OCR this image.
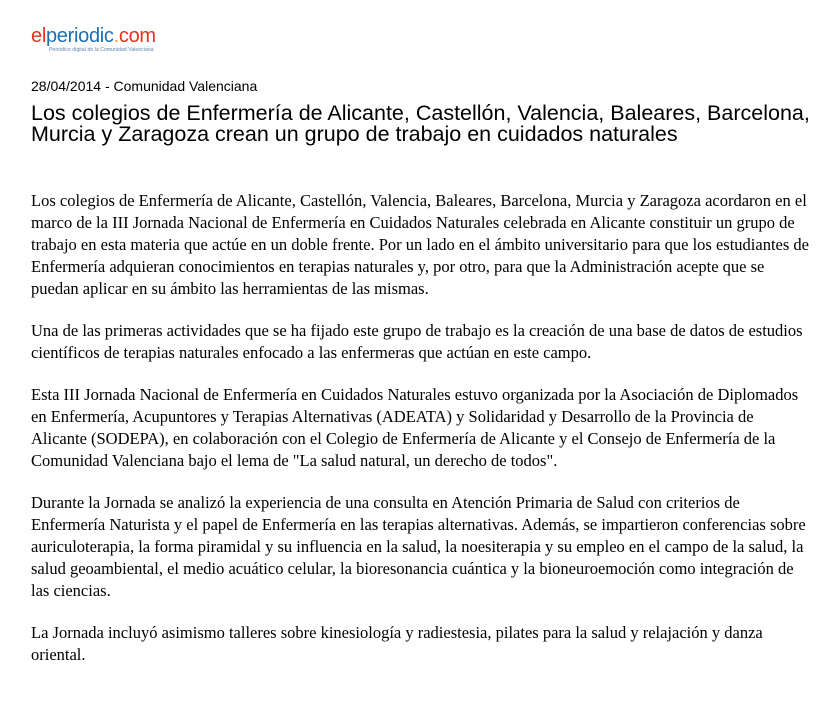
elperiodic.com
Periódico digital de la Comunidad Valenciana

28/04/2014 - Comunidad Valenciana

Los colegios de Enfermería de Alicante, Castellón, Valencia, Baleares, Barcelona, Murcia y Zaragoza crean un grupo de trabajo en cuidados naturales

Los colegios de Enfermería de Alicante, Castellón, Valencia, Baleares, Barcelona, Murcia y Zaragoza acordaron en el marco de la III Jornada Nacional de Enfermería en Cuidados Naturales celebrada en Alicante constituir un grupo de trabajo en esta materia que actúe en un doble frente. Por un lado en el ámbito universitario para que los estudiantes de Enfermería adquieran conocimientos en terapias naturales y, por otro, para que la Administración acepte que se puedan aplicar en su ámbito las herramientas de las mismas.

Una de las primeras actividades que se ha fijado este grupo de trabajo es la creación de una base de datos de estudios científicos de terapias naturales enfocado a las enfermeras que actúan en este campo.

Esta III Jornada Nacional de Enfermería en Cuidados Naturales estuvo organizada por la Asociación de Diplomados en Enfermería, Acupuntores y Terapias Alternativas (ADEATA) y Solidaridad y Desarrollo de la Provincia de Alicante (SODEPA), en colaboración con el Colegio de Enfermería de Alicante y el Consejo de Enfermería de la Comunidad Valenciana bajo el lema de "La salud natural, un derecho de todos".

Durante la Jornada se analizó la experiencia de una consulta en Atención Primaria de Salud con criterios de Enfermería Naturista y el papel de Enfermería en las terapias alternativas. Además, se impartieron conferencias sobre auriculoterapia, la forma piramidal y su influencia en la salud, la noesiterapia y su empleo en el campo de la salud, la salud geoambiental, el medio acuático celular, la bioresonancia cuántica y la bioneuroemoción como integración de las ciencias.

La Jornada incluyó asimismo talleres sobre kinesiología y radiestesia, pilates para la salud y relajación y danza oriental.
